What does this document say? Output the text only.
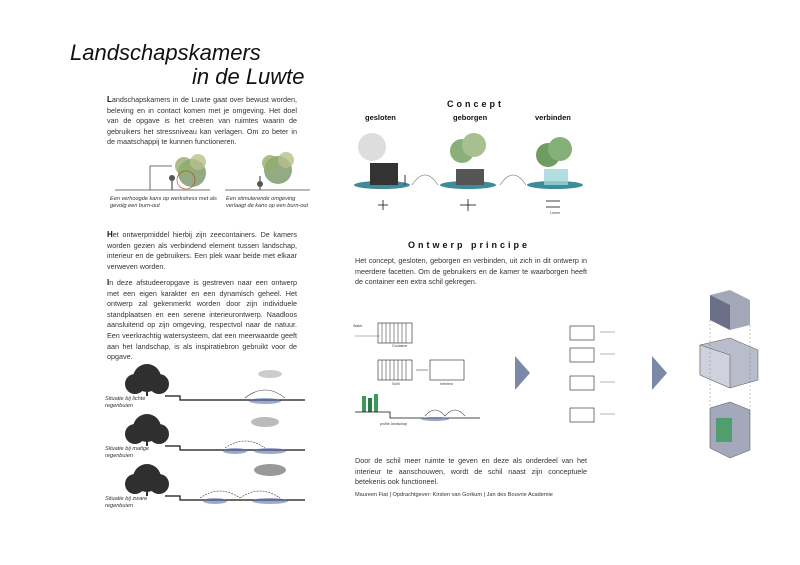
Landschapskamers
in de Luwte
Landschapskamers in de Luwte gaat over bewust worden, beleving en in contact komen met je omgeving. Het doel van de opgave is het creëren van ruimtes waarin de gebruikers het stressniveau kan verlagen. Om zo beter in de maatschappij te kunnen functioneren.
Een verhoogde kans op werkstress met als gevolg een burn-out
Een stimulerende omgeving verlaagt de kans op een burn-out
Het ontwerpmiddel hierbij zijn zeecontainers. De kamers worden gezien als verbindend element tussen landschap, interieur en de gebruikers. Een plek waar beide met elkaar verweven worden.
In deze afstudeeropgave is gestreven naar een ontwerp met een eigen karakter en een dynamisch geheel. Het ontwerp zal gekenmerkt worden door zijn individuele standplaatsen en een serene interieurontwerp. Naadloos aansluitend op zijn omgeving, respectvol naar de natuur. Een veerkrachtig watersysteem, dat een meerwaarde geeft aan het landschap, is als inspiratiebron gebruikt voor de opgave.
Situatie bij lichte regenbuien
Situatie bij matige regenbuien
Situatie bij zware regenbuien
Concept
gesloten	geborgen	verbinden
Lorem
Ontwerp principe
Het concept, gesloten, geborgen en verbinden, uit zich in dit ontwerp in meerdere facetten. Om de gebruikers en de kamer te waarborgen heeft de container een extra schil gekregen.
Water
Container
Schil	Interieur
profile landschap
Door de schil meer ruimte te geven en deze als onderdeel van het interieur te aanschouwen, wordt de schil naast zijn conceptuele betekenis ook functioneel.
Maureen Fiat | Opdrachtgever: Kirsten van Gorkum | Jan des Bouvrie Academie
